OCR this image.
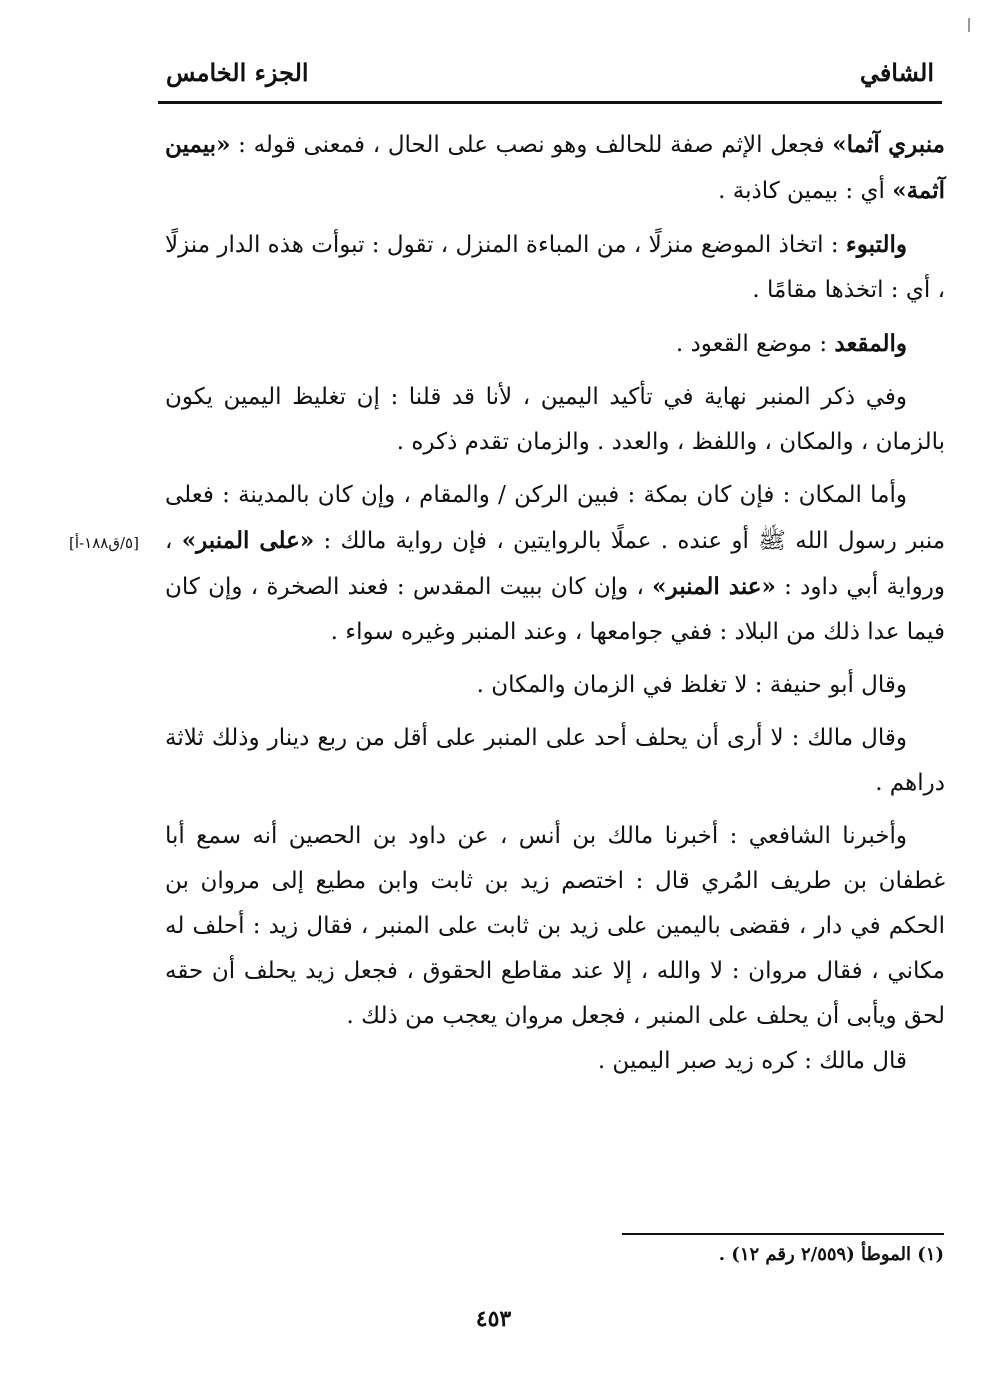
الشافي
الجزء الخامس
[٥/ق١٨٨-أ]

منبري آثما» فجعل الإثم صفة للحالف وهو نصب على الحال ، فمعنى قوله : «بيمين آثمة» أي : بيمين كاذبة .

والتبوء : اتخاذ الموضع منزلًا ، من المباءة المنزل ، تقول : تبوأت هذه الدار منزلًا ، أي : اتخذها مقامًا .

والمقعد : موضع القعود .

وفي ذكر المنبر نهاية في تأكيد اليمين ، لأنا قد قلنا : إن تغليظ اليمين يكون بالزمان ، والمكان ، واللفظ ، والعدد . والزمان تقدم ذكره .

وأما المكان : فإن كان بمكة : فبين الركن / والمقام ، وإن كان بالمدينة : فعلى منبر رسول الله ﷺ أو عنده . عملًا بالروايتين ، فإن رواية مالك : «على المنبر» ، ورواية أبي داود : «عند المنبر» ، وإن كان ببيت المقدس : فعند الصخرة ، وإن كان فيما عدا ذلك من البلاد : ففي جوامعها ، وعند المنبر وغيره سواء .

وقال أبو حنيفة : لا تغلظ في الزمان والمكان .

وقال مالك : لا أرى أن يحلف أحد على المنبر على أقل من ربع دينار وذلك ثلاثة دراهم .

وأخبرنا الشافعي : أخبرنا مالك بن أنس ، عن داود بن الحصين أنه سمع أبا غطفان بن طريف المُري قال : اختصم زيد بن ثابت وابن مطيع إلى مروان بن الحكم في دار ، فقضى باليمين على زيد بن ثابت على المنبر ، فقال زيد : أحلف له مكاني ، فقال مروان : لا والله ، إلا عند مقاطع الحقوق ، فجعل زيد يحلف أن حقه لحق ويأبى أن يحلف على المنبر ، فجعل مروان يعجب من ذلك .

قال مالك : كره زيد صبر اليمين .

(١) الموطأ (٢/٥٥٩ رقم ١٢) .
٤٥٣
